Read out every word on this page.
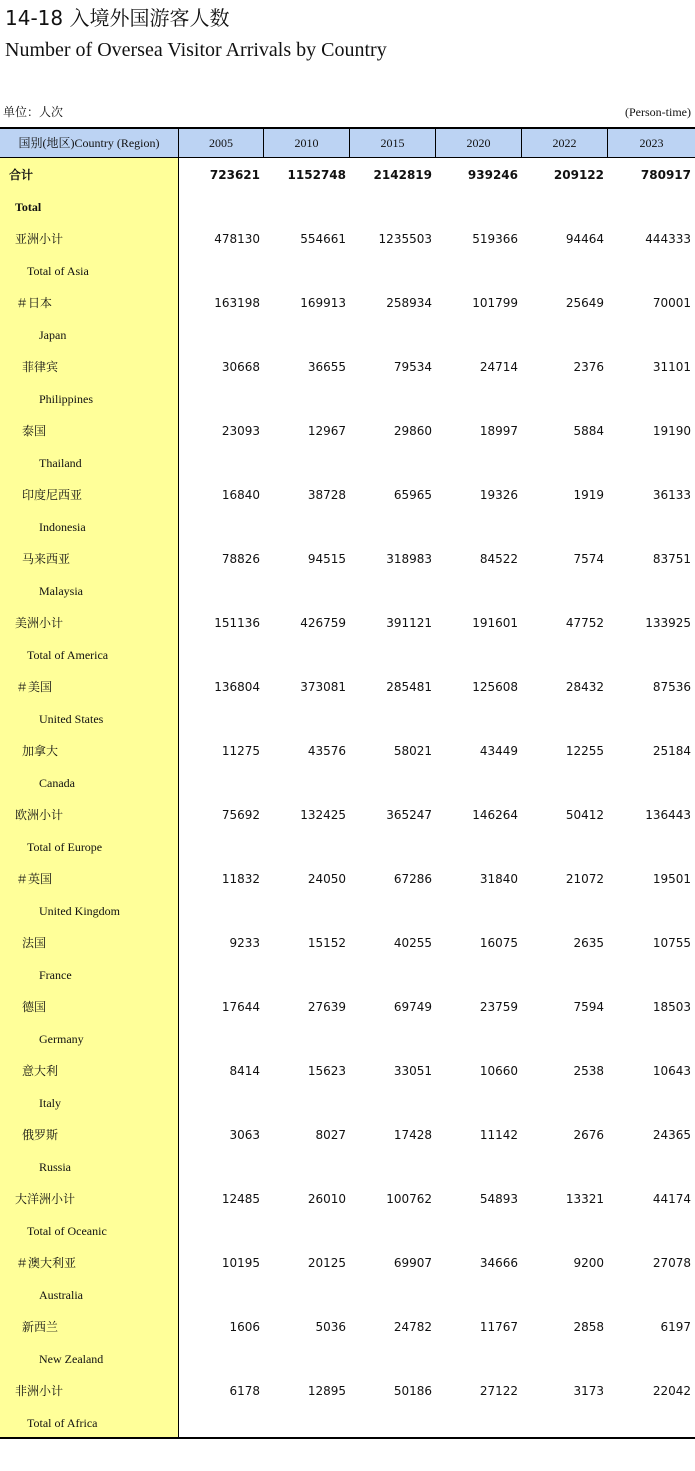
14-18 入境外国游客人数
Number of Oversea Visitor Arrivals by Country
单位：人次	(Person-time)
国别(地区)Country (Region)	2005	2010	2015	2020	2022	2023
合计
Total
723621	1152748	2142819	939246	209122	780917
亚洲小计
Total of Asia
478130	554661	1235503	519366	94464	444333
＃日本
Japan
163198	169913	258934	101799	25649	70001
菲律宾
Philippines
30668	36655	79534	24714	2376	31101
泰国
Thailand
23093	12967	29860	18997	5884	19190
印度尼西亚
Indonesia
16840	38728	65965	19326	1919	36133
马来西亚
Malaysia
78826	94515	318983	84522	7574	83751
美洲小计
Total of America
151136	426759	391121	191601	47752	133925
＃美国
United States
136804	373081	285481	125608	28432	87536
加拿大
Canada
11275	43576	58021	43449	12255	25184
欧洲小计
Total of Europe
75692	132425	365247	146264	50412	136443
＃英国
United Kingdom
11832	24050	67286	31840	21072	19501
法国
France
9233	15152	40255	16075	2635	10755
德国
Germany
17644	27639	69749	23759	7594	18503
意大利
Italy
8414	15623	33051	10660	2538	10643
俄罗斯
Russia
3063	8027	17428	11142	2676	24365
大洋洲小计
Total of Oceanic
12485	26010	100762	54893	13321	44174
＃澳大利亚
Australia
10195	20125	69907	34666	9200	27078
新西兰
New Zealand
1606	5036	24782	11767	2858	6197
非洲小计
Total of Africa
6178	12895	50186	27122	3173	22042
